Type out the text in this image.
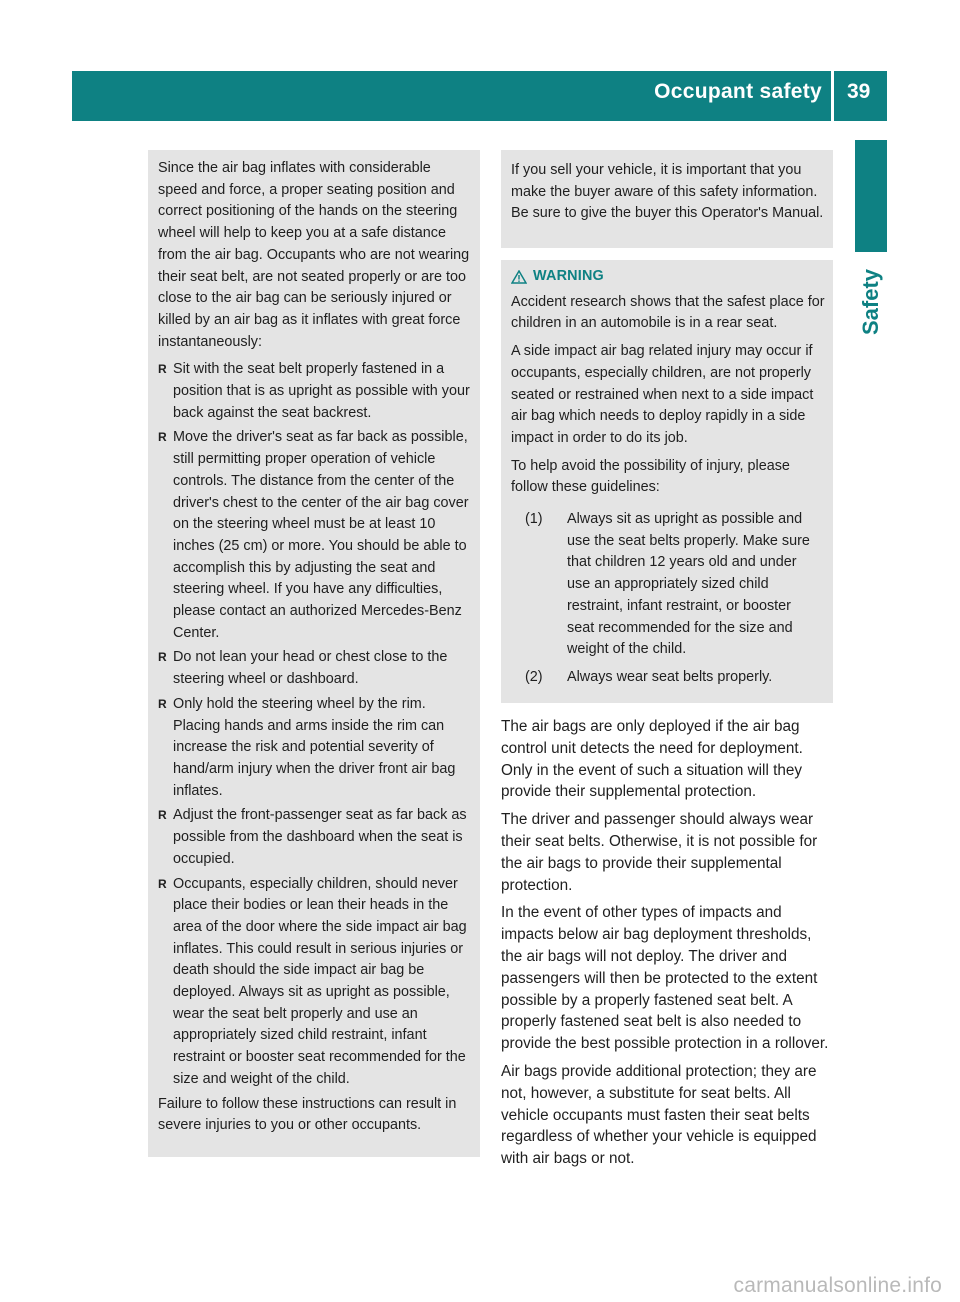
Occupant safety 39
Safety

Since the air bag inflates with considerable speed and force, a proper seating position and correct positioning of the hands on the steering wheel will help to keep you at a safe distance from the air bag. Occupants who are not wearing their seat belt, are not seated properly or are too close to the air bag can be seriously injured or killed by an air bag as it inflates with great force instantaneously:

R Sit with the seat belt properly fastened in a position that is as upright as possible with your back against the seat backrest.
R Move the driver's seat as far back as possible, still permitting proper operation of vehicle controls. The distance from the center of the driver's chest to the center of the air bag cover on the steering wheel must be at least 10 inches (25 cm) or more. You should be able to accomplish this by adjusting the seat and steering wheel. If you have any difficulties, please contact an authorized Mercedes-Benz Center.
R Do not lean your head or chest close to the steering wheel or dashboard.
R Only hold the steering wheel by the rim. Placing hands and arms inside the rim can increase the risk and potential severity of hand/arm injury when the driver front air bag inflates.
R Adjust the front-passenger seat as far back as possible from the dashboard when the seat is occupied.
R Occupants, especially children, should never place their bodies or lean their heads in the area of the door where the side impact air bag inflates. This could result in serious injuries or death should the side impact air bag be deployed. Always sit as upright as possible, wear the seat belt properly and use an appropriately sized child restraint, infant restraint or booster seat recommended for the size and weight of the child.

Failure to follow these instructions can result in severe injuries to you or other occupants.

If you sell your vehicle, it is important that you make the buyer aware of this safety information. Be sure to give the buyer this Operator's Manual.

WARNING

Accident research shows that the safest place for children in an automobile is in a rear seat.

A side impact air bag related injury may occur if occupants, especially children, are not properly seated or restrained when next to a side impact air bag which needs to deploy rapidly in a side impact in order to do its job.

To help avoid the possibility of injury, please follow these guidelines:

(1)	Always sit as upright as possible and use the seat belts properly. Make sure that children 12 years old and under use an appropriately sized child restraint, infant restraint, or booster seat recommended for the size and weight of the child.
(2)	Always wear seat belts properly.

The air bags are only deployed if the air bag control unit detects the need for deployment. Only in the event of such a situation will they provide their supplemental protection.

The driver and passenger should always wear their seat belts. Otherwise, it is not possible for the air bags to provide their supplemental protection.

In the event of other types of impacts and impacts below air bag deployment thresholds, the air bags will not deploy. The driver and passengers will then be protected to the extent possible by a properly fastened seat belt. A properly fastened seat belt is also needed to provide the best possible protection in a rollover.

Air bags provide additional protection; they are not, however, a substitute for seat belts. All vehicle occupants must fasten their seat belts regardless of whether your vehicle is equipped with air bags or not.

carmanualsonline.info
